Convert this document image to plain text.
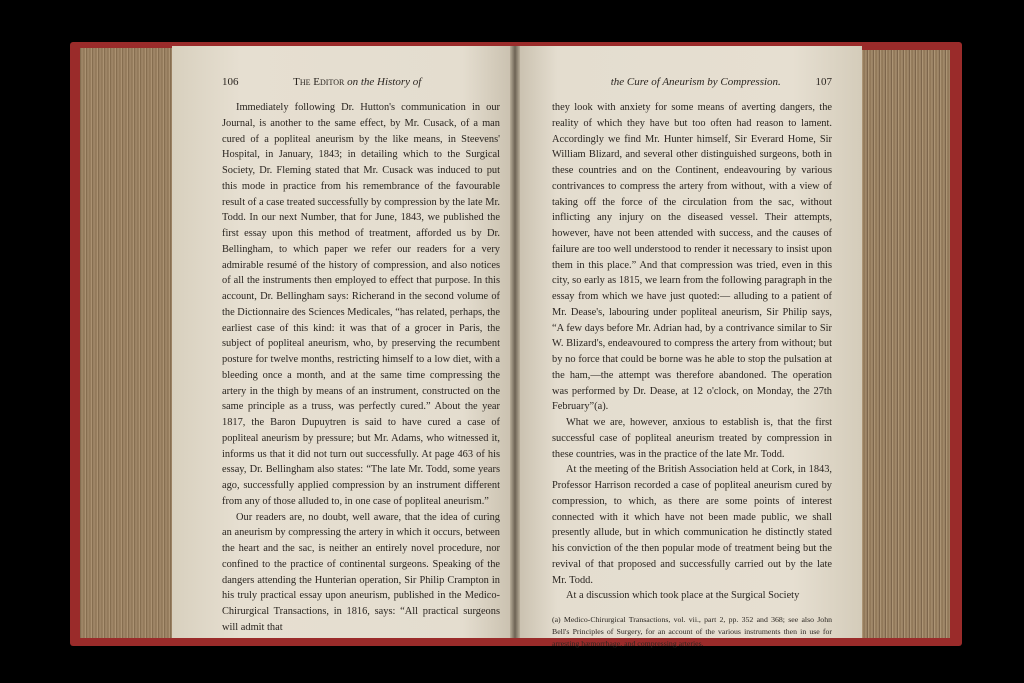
106	The Editor on the History of

Immediately following Dr. Hutton's communication in our Journal, is another to the same effect, by Mr. Cusack, of a man cured of a popliteal aneurism by the like means, in Steevens' Hospital, in January, 1843; in detailing which to the Surgical Society, Dr. Fleming stated that Mr. Cusack was induced to put this mode in practice from his remembrance of the favourable result of a case treated successfully by compression by the late Mr. Todd. In our next Number, that for June, 1843, we published the first essay upon this method of treatment, afforded us by Dr. Bellingham, to which paper we refer our readers for a very admirable resumé of the history of compression, and also notices of all the instruments then employed to effect that purpose. In this account, Dr. Bellingham says: Richerand in the second volume of the Dictionnaire des Sciences Medicales, “has related, perhaps, the earliest case of this kind: it was that of a grocer in Paris, the subject of popliteal aneurism, who, by preserving the recumbent posture for twelve months, restricting himself to a low diet, with a bleeding once a month, and at the same time compressing the artery in the thigh by means of an instrument, constructed on the same principle as a truss, was perfectly cured.” About the year 1817, the Baron Dupuytren is said to have cured a case of popliteal aneurism by pressure; but Mr. Adams, who witnessed it, informs us that it did not turn out successfully. At page 463 of his essay, Dr. Bellingham also states: “The late Mr. Todd, some years ago, successfully applied compression by an instrument different from any of those alluded to, in one case of popliteal aneurism.”

Our readers are, no doubt, well aware, that the idea of curing an aneurism by compressing the artery in which it occurs, between the heart and the sac, is neither an entirely novel procedure, nor confined to the practice of continental surgeons. Speaking of the dangers attending the Hunterian operation, Sir Philip Crampton in his truly practical essay upon aneurism, published in the Medico-Chirurgical Transactions, in 1816, says: “All practical surgeons will admit that

the Cure of Aneurism by Compression.	107

they look with anxiety for some means of averting dangers, the reality of which they have but too often had reason to lament. Accordingly we find Mr. Hunter himself, Sir Everard Home, Sir William Blizard, and several other distinguished surgeons, both in these countries and on the Continent, endeavouring by various contrivances to compress the artery from without, with a view of taking off the force of the circulation from the sac, without inflicting any injury on the diseased vessel. Their attempts, however, have not been attended with success, and the causes of failure are too well understood to render it necessary to insist upon them in this place.” And that compression was tried, even in this city, so early as 1815, we learn from the following paragraph in the essay from which we have just quoted:— alluding to a patient of Mr. Dease's, labouring under popliteal aneurism, Sir Philip says, “A few days before Mr. Adrian had, by a contrivance similar to Sir W. Blizard's, endeavoured to compress the artery from without; but by no force that could be borne was he able to stop the pulsation at the ham,—the attempt was therefore abandoned. The operation was performed by Dr. Dease, at 12 o'clock, on Monday, the 27th February”(a).

What we are, however, anxious to establish is, that the first successful case of popliteal aneurism treated by compression in these countries, was in the practice of the late Mr. Todd.

At the meeting of the British Association held at Cork, in 1843, Professor Harrison recorded a case of popliteal aneurism cured by compression, to which, as there are some points of interest connected with it which have not been made public, we shall presently allude, but in which communication he distinctly stated his conviction of the then popular mode of treatment being but the revival of that proposed and successfully carried out by the late Mr. Todd.

At a discussion which took place at the Surgical Society

(a) Medico-Chirurgical Transactions, vol. vii., part 2, pp. 352 and 368; see also John Bell's Principles of Surgery, for an account of the various instruments then in use for arresting hæmorrhage, and compressing arteries.
